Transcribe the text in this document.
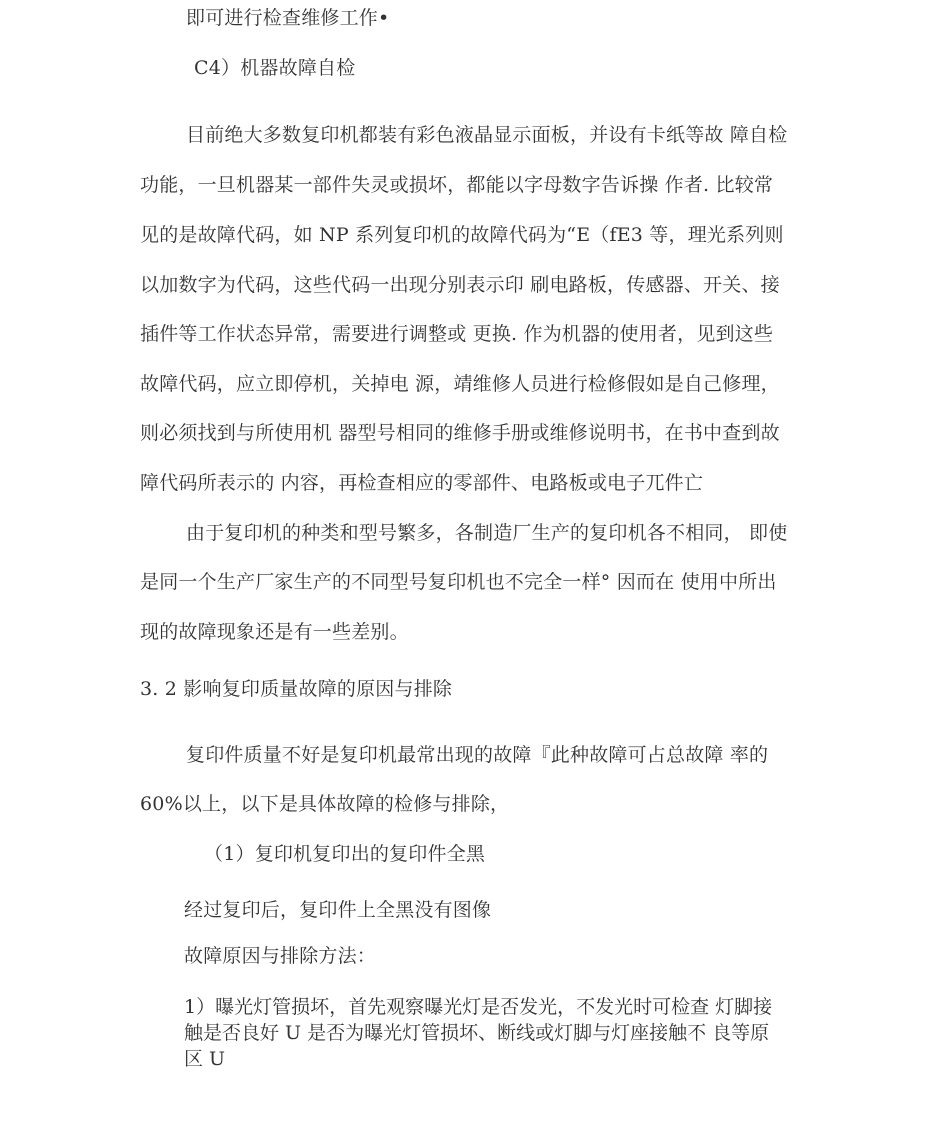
即可进行检查维修工作•
C4）机器故障自检
目前绝大多数复印机都装有彩色液晶显示面板，并设有卡纸等故 障自检
功能，一旦机器某一部件失灵或损坏，都能以字母数字告诉操 作者. 比较常
见的是故障代码，如 NP 系列复印机的故障代码为“E（fE3 等，理光系列则
以加数字为代码，这些代码一出现分别表示印 刷电路板，传感器、开关、接
插件等工作状态异常，需要进行调整或 更换. 作为机器的使用者，见到这些
故障代码，应立即停机，关掉电 源，靖维修人员进行检修假如是自己修理，
则必须找到与所使用机 器型号相同的维修手册或维修说明书，在书中查到故
障代码所表示的 内容，再检查相应的零部件、电路板或电子兀件亡
由于复印机的种类和型号繁多，各制造厂生产的复印机各不相同， 即使
是同一个生产厂家生产的不同型号复印机也不完全一样° 因而在 使用中所出
现的故障现象还是有一些差别。
3. 2 影响复印质量故障的原因与排除
复印件质量不好是复印机最常出现的故障『此种故障可占总故障 率的
60%以上，以下是具体故障的检修与排除，
（1）复印机复印出的复印件全黑
经过复印后，复印件上全黑没有图像
故障原因与排除方法：
1）曝光灯管损坏，首先观察曝光灯是否发光，不发光时可检查 灯脚接
触是否良好 U 是否为曝光灯管损坏、断线或灯脚与灯座接触不 良等原
区 U
